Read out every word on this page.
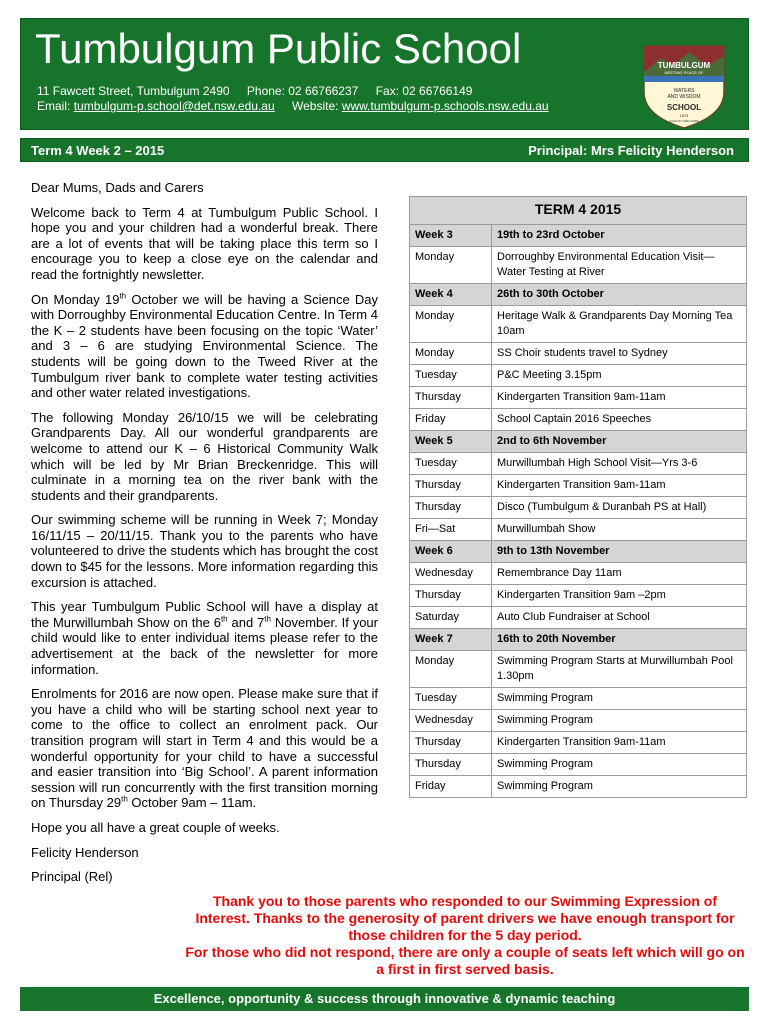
Tumbulgum Public School
11 Fawcett Street, Tumbulgum 2490 Phone: 02 66766237 Fax: 02 66766149
Email: tumbulgum-p.school@det.nsw.edu.au Website: www.tumbulgum-p.schools.nsw.edu.au
TUMBULGUM
MEETING PLACE OF
WATERS
AND WISDOM
SCHOOL
1874
QUALITY AND CARE
Term 4 Week 2 – 2015	Principal: Mrs Felicity Henderson

Dear Mums, Dads and Carers

Welcome back to Term 4 at Tumbulgum Public School. I hope you and your children had a wonderful break. There are a lot of events that will be taking place this term so I encourage you to keep a close eye on the calendar and read the fortnightly newsletter.

On Monday 19th October we will be having a Science Day with Dorroughby Environmental Education Centre. In Term 4 the K – 2 students have been focusing on the topic ‘Water’ and 3 – 6 are studying Environmental Science. The students will be going down to the Tweed River at the Tumbulgum river bank to complete water testing activities and other water related investigations.

The following Monday 26/10/15 we will be celebrating Grandparents Day. All our wonderful grandparents are welcome to attend our K – 6 Historical Community Walk which will be led by Mr Brian Breckenridge. This will culminate in a morning tea on the river bank with the students and their grandparents.

Our swimming scheme will be running in Week 7; Monday 16/11/15 – 20/11/15. Thank you to the parents who have volunteered to drive the students which has brought the cost down to $45 for the lessons. More information regarding this excursion is attached.

This year Tumbulgum Public School will have a display at the Murwillumbah Show on the 6th and 7th November. If your child would like to enter individual items please refer to the advertisement at the back of the newsletter for more information.

Enrolments for 2016 are now open. Please make sure that if you have a child who will be starting school next year to come to the office to collect an enrolment pack. Our transition program will start in Term 4 and this would be a wonderful opportunity for your child to have a successful and easier transition into ‘Big School’. A parent information session will run concurrently with the first transition morning on Thursday 29th October 9am – 11am.

Hope you all have a great couple of weeks.

Felicity Henderson

Principal (Rel)

TERM 4 2015	
Week 3	19th to 23rd October
Monday	Dorroughby Environmental Education Visit—Water Testing at River
Week 4	26th to 30th October
Monday	Heritage Walk & Grandparents Day Morning Tea 10am
Monday	SS Choir students travel to Sydney
Tuesday	P&C Meeting 3.15pm
Thursday	Kindergarten Transition 9am-11am
Friday	School Captain 2016 Speeches
Week 5	2nd to 6th November
Tuesday	Murwillumbah High School Visit—Yrs 3-6
Thursday	Kindergarten Transition 9am-11am
Thursday	Disco (Tumbulgum & Duranbah PS at Hall)
Fri—Sat	Murwillumbah Show
Week 6	9th to 13th November
Wednesday	Remembrance Day 11am
Thursday	Kindergarten Transition 9am –2pm
Saturday	Auto Club Fundraiser at School
Week 7	16th to 20th November
Monday	Swimming Program Starts at Murwillumbah Pool 1.30pm
Tuesday	Swimming Program
Wednesday	Swimming Program
Thursday	Kindergarten Transition 9am-11am
Thursday	Swimming Program
Friday	Swimming Program
Thank you to those parents who responded to our Swimming Expression of Interest. Thanks to the generosity of parent drivers we have enough transport for those children for the 5 day period.
For those who did not respond, there are only a couple of seats left which will go on a first in first served basis.
Excellence, opportunity & success through innovative & dynamic teaching
